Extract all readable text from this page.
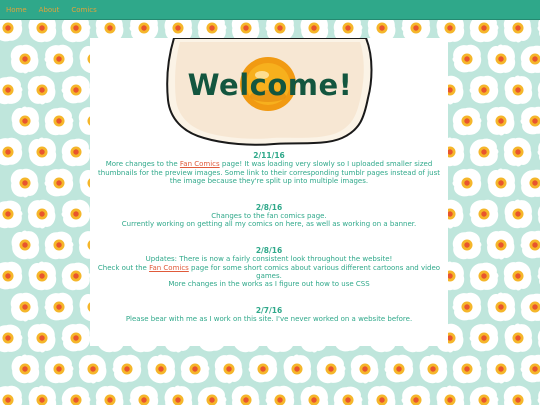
Home About Comics
Welcome!
2/11/16
More changes to the Fan Comics page! It was loading very slowly so I uploaded smaller sized thumbnails for the preview images. Some link to their corresponding tumblr pages instead of just the image because they're split up into multiple images.
2/8/16
Changes to the fan comics page.
Currently working on getting all my comics on here, as well as working on a banner.
2/8/16
Updates: There is now a fairly consistent look throughout the website!
Check out the Fan Comics page for some short comics about various different cartoons and video games.
More changes in the works as I figure out how to use CSS
2/7/16
Please bear with me as I work on this site. I've never worked on a website before.
